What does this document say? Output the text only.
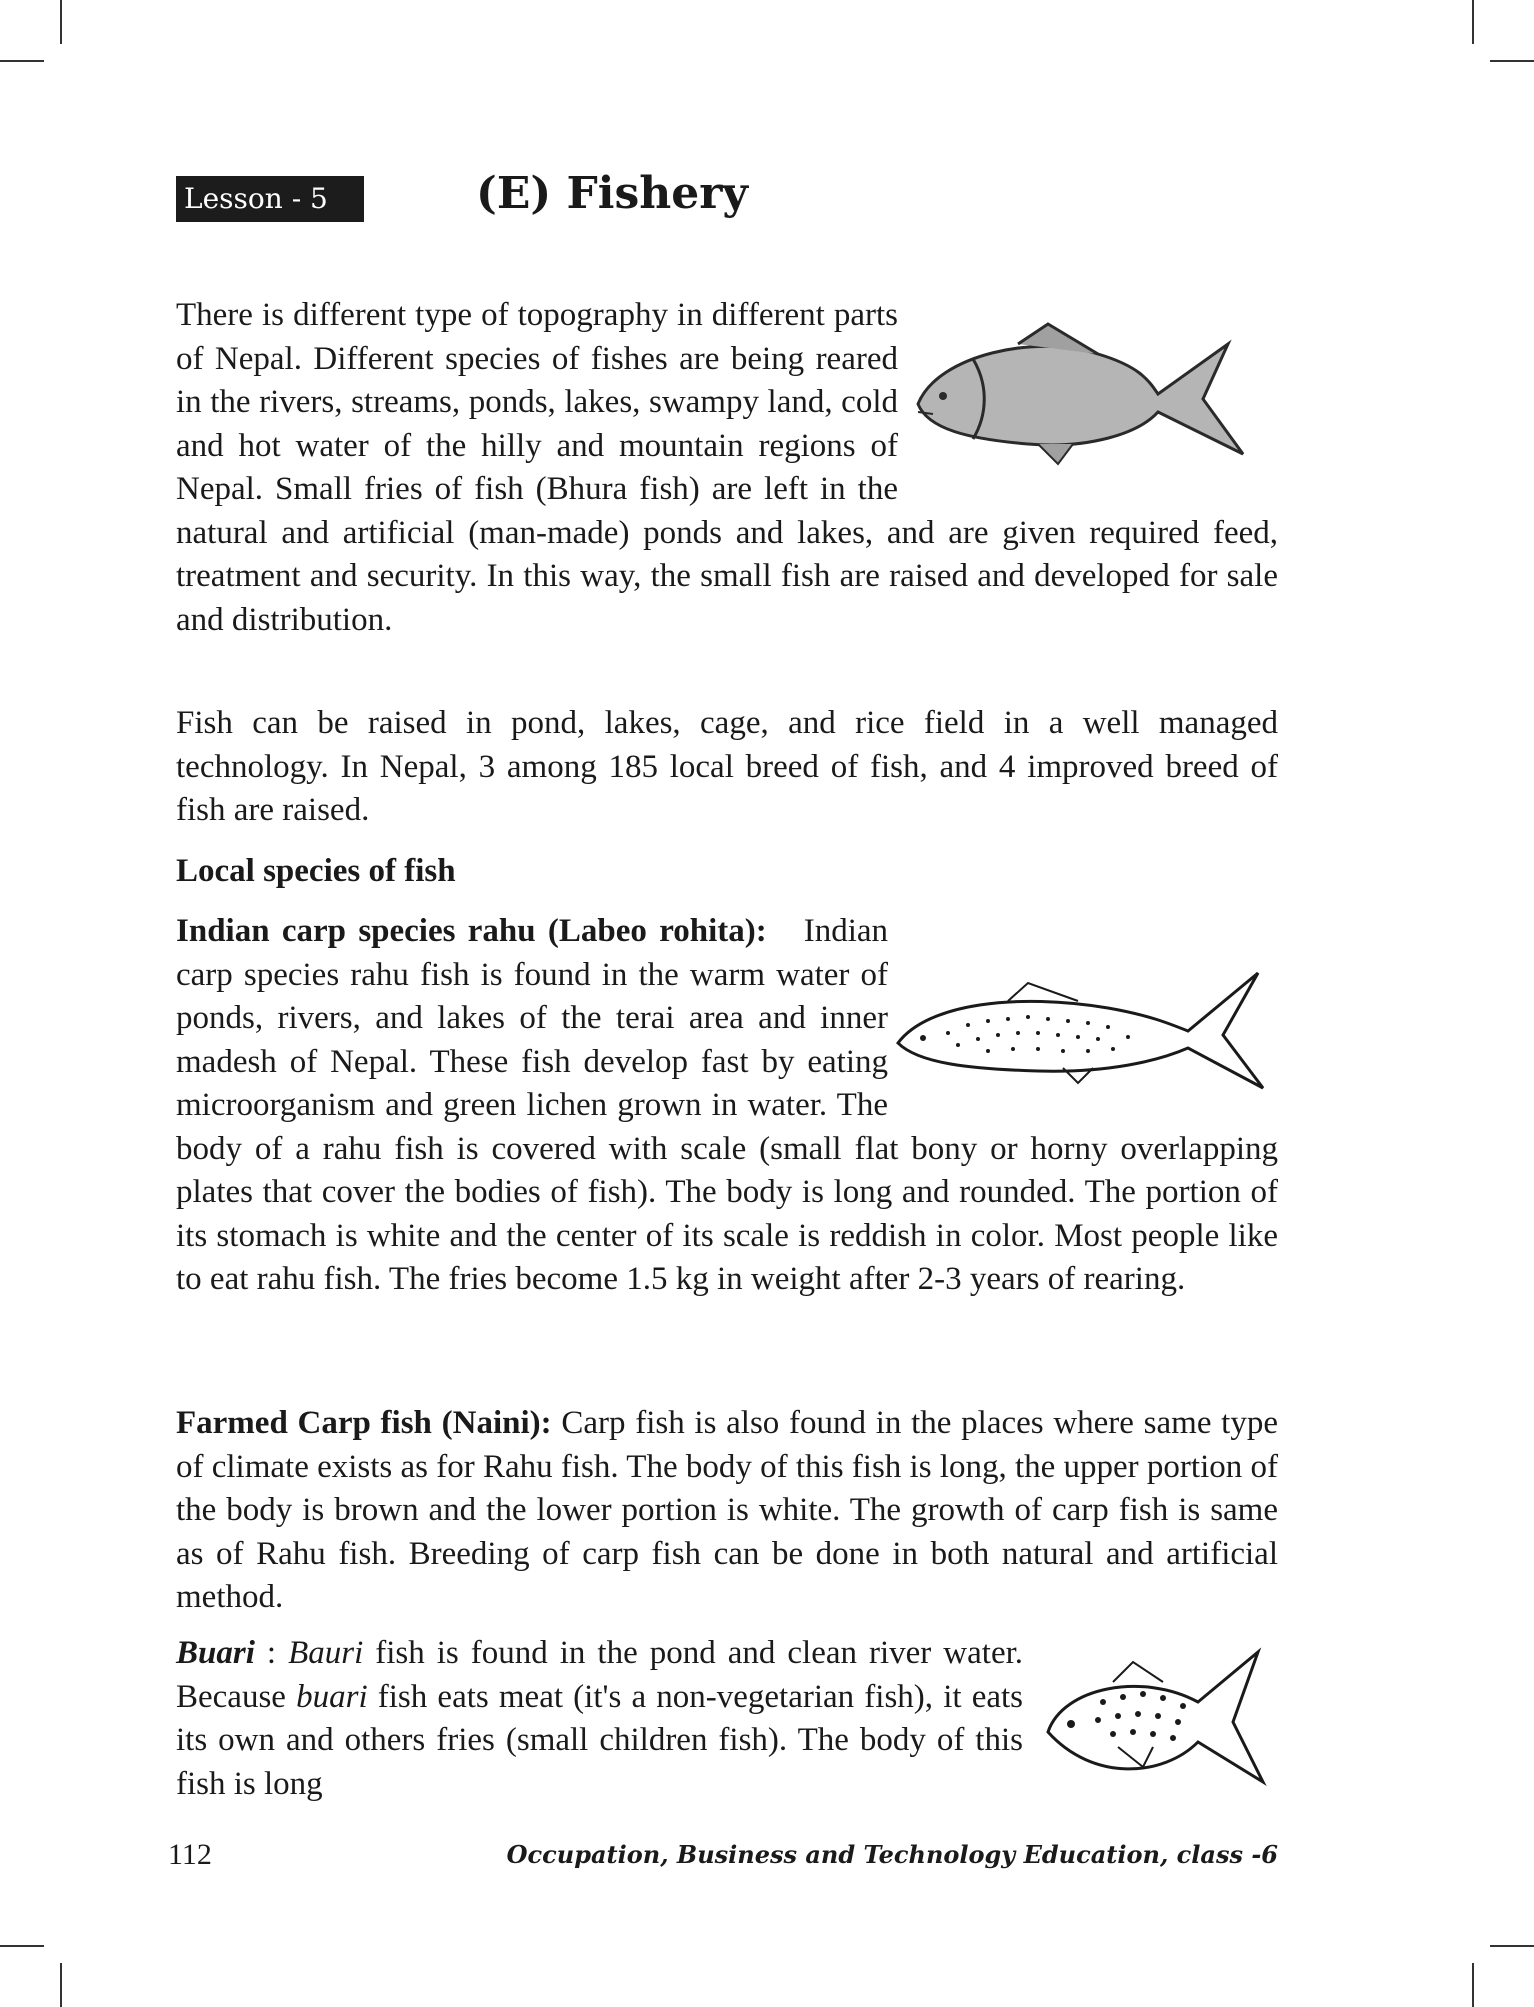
Lesson - 5	(E) Fishery

There is different type of topography in different parts of Nepal. Different species of fishes are being reared in the rivers, streams, ponds, lakes, swampy land, cold and hot water of the hilly and mountain regions of Nepal. Small fries of fish (Bhura fish) are left in the natural and artificial (man-made) ponds and lakes, and are given required feed, treatment and security. In this way, the small fish are raised and developed for sale and distribution.

Fish can be raised in pond, lakes, cage, and rice field in a well managed technology. In Nepal, 3 among 185 local breed of fish, and 4 improved breed of fish are raised.

Local species of fish

Indian carp species rahu (Labeo rohita): Indian carp species rahu fish is found in the warm water of ponds, rivers, and lakes of the terai area and inner madesh of Nepal. These fish develop fast by eating microorganism and green lichen grown in water. The body of a rahu fish is covered with scale (small flat bony or horny overlapping plates that cover the bodies of fish). The body is long and rounded. The portion of its stomach is white and the center of its scale is reddish in color. Most people like to eat rahu fish. The fries become 1.5 kg in weight after 2-3 years of rearing.

Farmed Carp fish (Naini): Carp fish is also found in the places where same type of climate exists as for Rahu fish. The body of this fish is long, the upper portion of the body is brown and the lower portion is white. The growth of carp fish is same as of Rahu fish. Breeding of carp fish can be done in both natural and artificial method.

Buari : Bauri fish is found in the pond and clean river water. Because buari fish eats meat (it's a non-vegetarian fish), it eats its own and others fries (small children fish). The body of this fish is long

112	Occupation, Business and Technology Education, class -6
